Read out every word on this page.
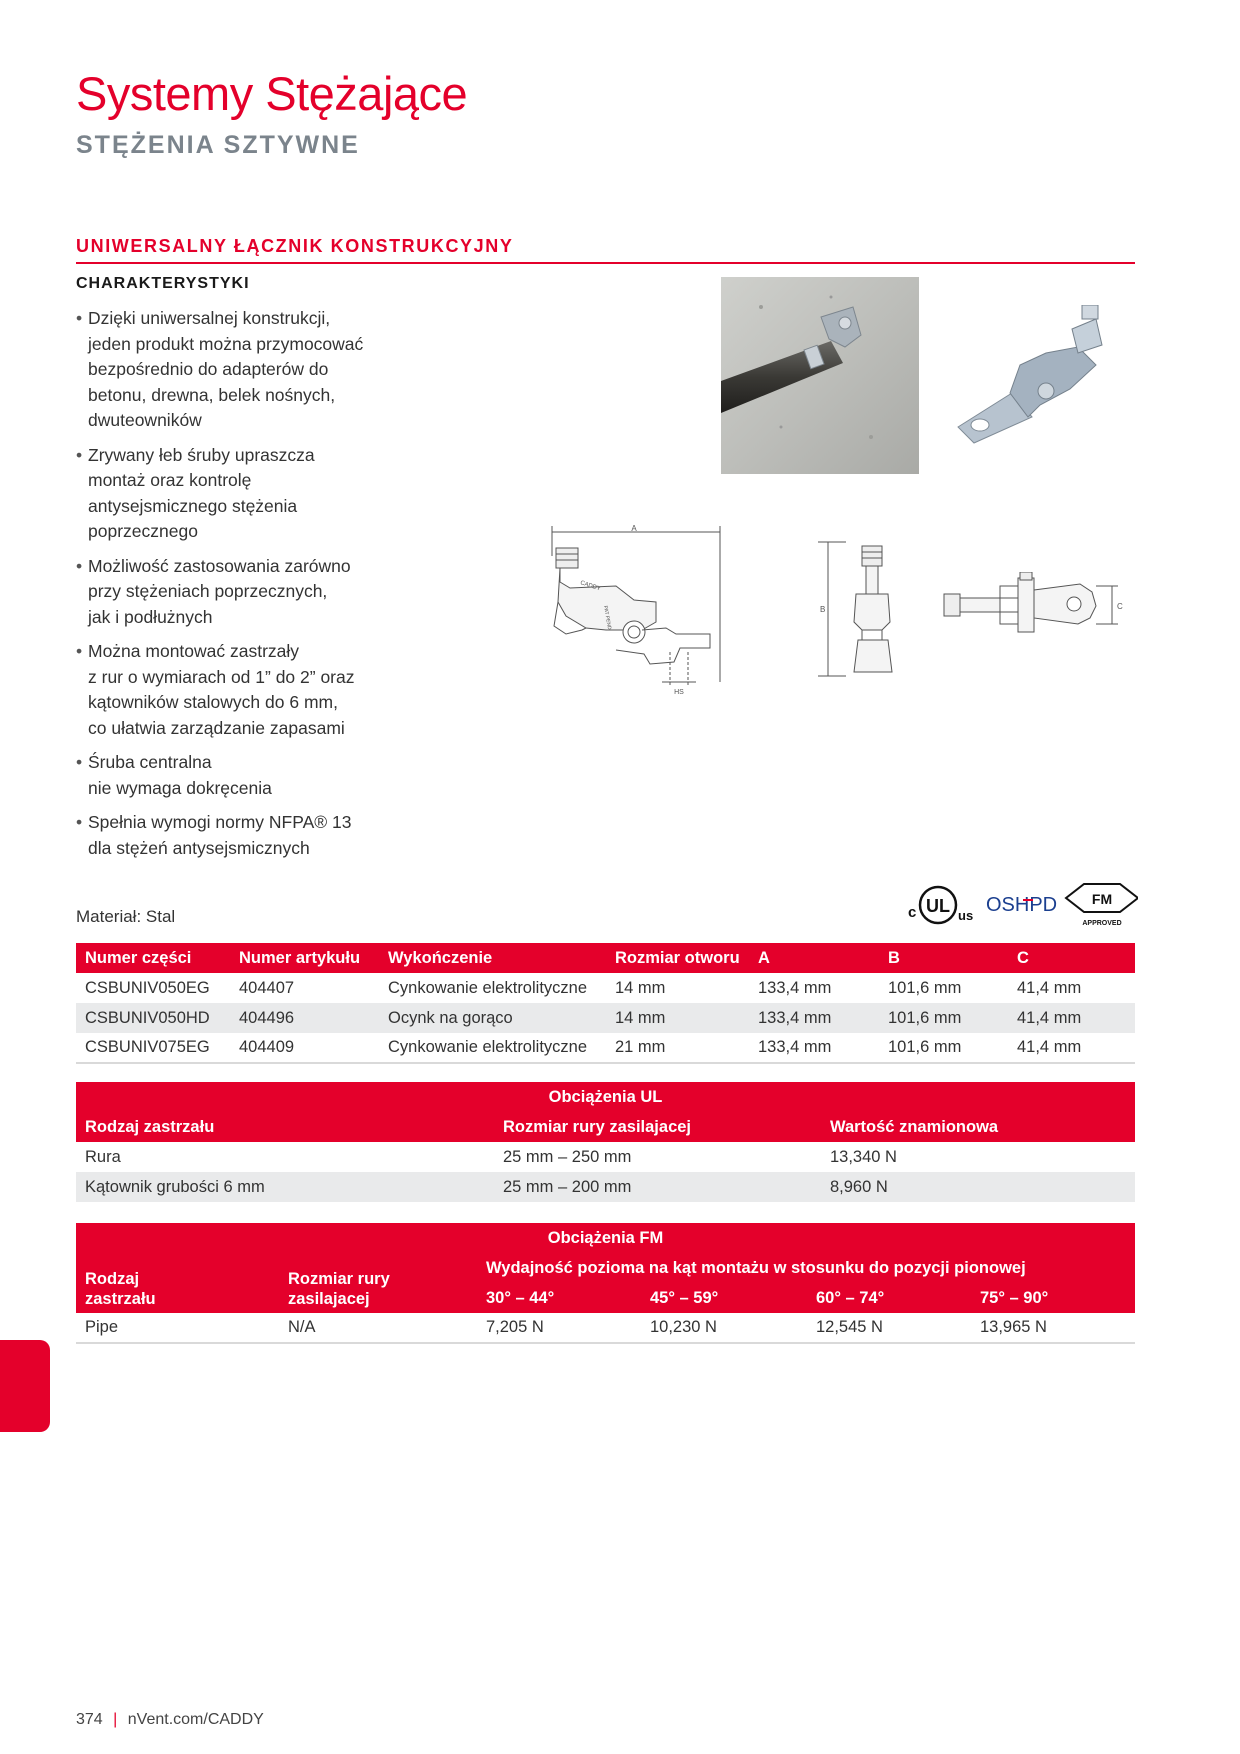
Systemy Stężające
STĘŻENIA SZTYWNE
UNIWERSALNY ŁĄCZNIK KONSTRUKCYJNY
CHARAKTERYSTYKI
• Dzięki uniwersalnej konstrukcji,
jeden produkt można przymocować
bezpośrednio do adapterów do
betonu, drewna, belek nośnych,
dwuteowników
• Zrywany łeb śruby upraszcza
montaż oraz kontrolę
antysejsmicznego stężenia
poprzecznego
• Możliwość zastosowania zarówno
przy stężeniach poprzecznych,
jak i podłużnych
• Można montować zastrzały
z rur o wymiarach od 1” do 2” oraz
kątowników stalowych do 6 mm,
co ułatwia zarządzanie zapasami
• Śruba centralna
nie wymaga dokręcenia
• Spełnia wymogi normy NFPA® 13
dla stężeń antysejsmicznych
A
HS
CADDY
PAT PEND	B	C
Materiał: Stal
UL
c	us OSHPD FM
APPROVED
Numer części	Numer artykułu	Wykończenie	Rozmiar otworu	A	B	C
CSBUNIV050EG	404407	Cynkowanie elektrolityczne	14 mm	133,4 mm	101,6 mm	41,4 mm
CSBUNIV050HD	404496	Ocynk na gorąco	14 mm	133,4 mm	101,6 mm	41,4 mm
CSBUNIV075EG	404409	Cynkowanie elektrolityczne	21 mm	133,4 mm	101,6 mm	41,4 mm
Obciążenia UL		
Rodzaj zastrzału	Rozmiar rury zasilajacej	Wartość znamionowa
Rura	25 mm – 250 mm	13,340 N
Kątownik grubości 6 mm	25 mm – 200 mm	8,960 N
Obciążenia FM					
Rodzaj
zastrzału	Rozmiar rury
zasilajacej	Wydajność pozioma na kąt montażu w stosunku do pozycji pionowej			
		30° – 44°	45° – 59°	60° – 74°	75° – 90°
Pipe	N/A	7,205 N	10,230 N	12,545 N	13,965 N
374 | nVent.com/CADDY
